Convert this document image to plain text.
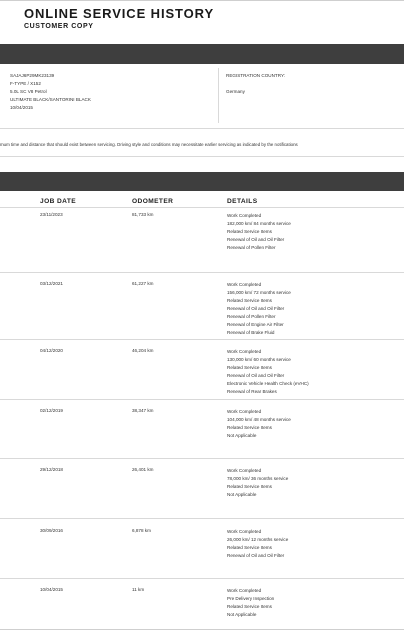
ONLINE SERVICE HISTORY
CUSTOMER COPY
SAJAJ6P29MK23139
F-TYPE / X152
5.0L SC V8 Petrol
ULTIMATE BLACK/SANTORINI BLACK
10/04/2015
REGISTRATION COUNTRY:
Germany
mum time and distance that should exist between servicing. Driving style and conditions may necessitate earlier servicing as indicated by the notifications
JOB DATE	ODOMETER	DETAILS
23/11/2023	81,733 km	Work Completed
182,000 km/ 84 months service
Related Service Items
Renewal of Oil and Oil Filter
Renewal of Pollen Filter
03/12/2021	61,227 km	Work Completed
156,000 km/ 72 months service
Related Service Items
Renewal of Oil and Oil Filter
Renewal of Pollen Filter
Renewal of Engine Air Filter
Renewal of Brake Fluid
04/12/2020	46,204 km	Work Completed
130,000 km/ 60 months service
Related Service Items
Renewal of Oil and Oil Filter
Electronic Vehicle Health Check (eVHC)
Renewal of Rear Brakes
02/12/2019	38,347 km	Work Completed
104,000 km/ 48 months service
Related Service Items
Not Applicable
29/12/2018	26,401 km	Work Completed
78,000 km/ 36 months service
Related Service Items
Not Applicable
30/09/2016	6,878 km	Work Completed
26,000 km/ 12 months service
Related Service Items
Renewal of Oil and Oil Filter
10/04/2015	11 km	Work Completed
Pre Delivery Inspection
Related Service Items
Not Applicable
